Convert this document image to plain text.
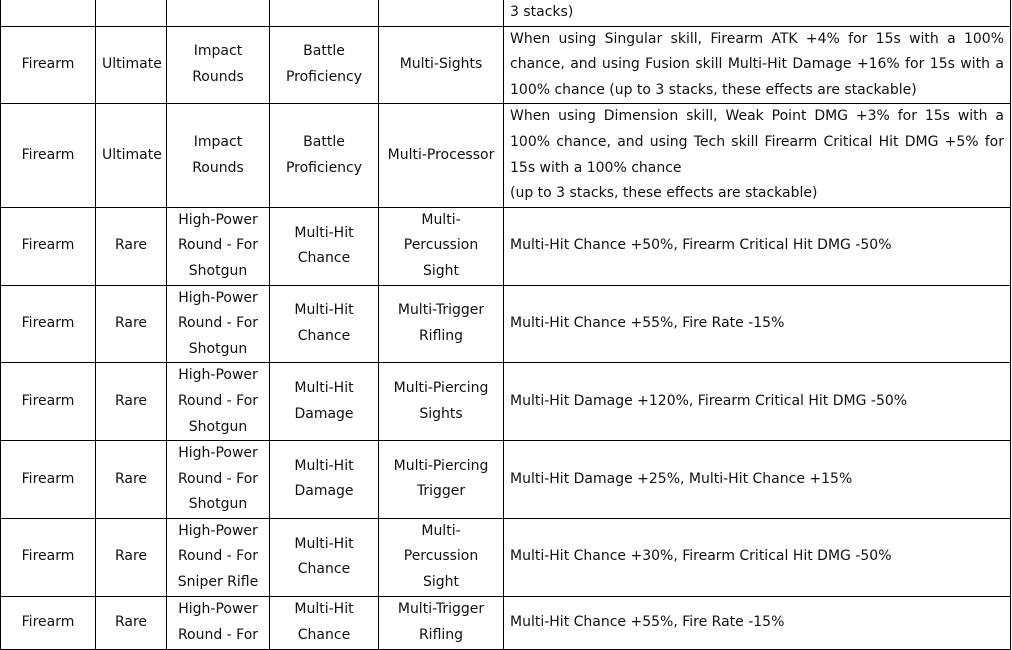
					3 stacks)
Firearm	Ultimate	Impact Rounds	Battle Proficiency	Multi-Sights	When using Singular skill, Firearm ATK +4% for 15s with a 100% chance, and using Fusion skill Multi-Hit Damage +16% for 15s with a 100% chance (up to 3 stacks, these effects are stackable)
Firearm	Ultimate	Impact Rounds	Battle Proficiency	Multi-Processor	When using Dimension skill, Weak Point DMG +3% for 15s with a 100% chance, and using Tech skill Firearm Critical Hit DMG +5% for 15s with a 100% chance
(up to 3 stacks, these effects are stackable)
Firearm	Rare	High-Power Round - For Shotgun	Multi-Hit Chance	Multi-Percussion Sight	Multi-Hit Chance +50%, Firearm Critical Hit DMG -50%
Firearm	Rare	High-Power Round - For Shotgun	Multi-Hit Chance	Multi-Trigger Rifling	Multi-Hit Chance +55%, Fire Rate -15%
Firearm	Rare	High-Power Round - For Shotgun	Multi-Hit Damage	Multi-Piercing Sights	Multi-Hit Damage +120%, Firearm Critical Hit DMG -50%
Firearm	Rare	High-Power Round - For Shotgun	Multi-Hit Damage	Multi-Piercing Trigger	Multi-Hit Damage +25%, Multi-Hit Chance +15%
Firearm	Rare	High-Power Round - For Sniper Rifle	Multi-Hit Chance	Multi-Percussion Sight	Multi-Hit Chance +30%, Firearm Critical Hit DMG -50%
Firearm	Rare	High-Power Round - For	Multi-Hit Chance	Multi-Trigger Rifling	Multi-Hit Chance +55%, Fire Rate -15%
